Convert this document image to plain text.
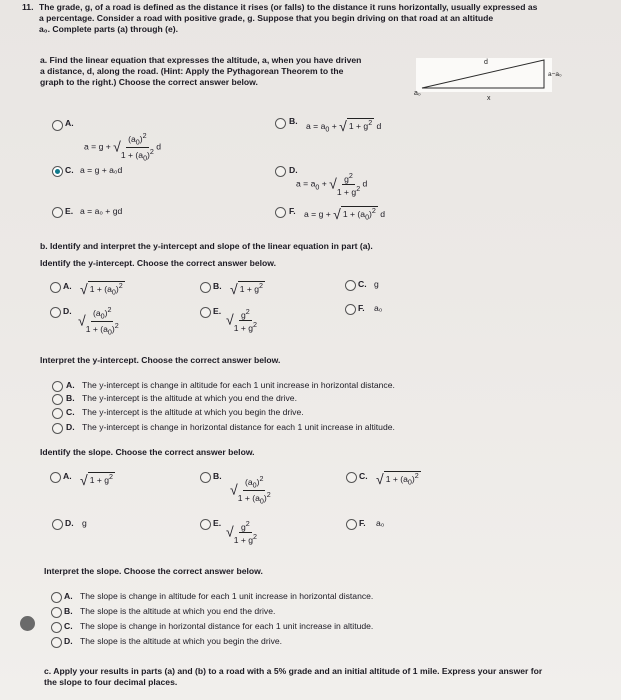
11. The grade, g, of a road is defined as the distance it rises (or falls) to the distance it runs horizontally, usually expressed as
a percentage. Consider a road with positive grade, g. Suppose that you begin driving on that road at an altitude
a₀. Complete parts (a) through (e).
a. Find the linear equation that expresses the altitude, a, when you have driven
a distance, d, along the road. (Hint: Apply the Pythagorean Theorem to the
graph to the right.) Choose the correct answer below.
d
x
a₀
a−a₀
A.
a = g + √ $\frac{(a_0)^2}{1 + (a_0)^2}$ d
B. $a = a_0$ + √ $1 + g^2$ d
C. a = g + a₀d	D.
$a = a_0$ + √ $\frac{g^2}{1 + g^2}$ d
E. a = a₀ + gd	F. a = g + √ $1 + (a_0)^2$ d
b. Identify and interpret the y-intercept and slope of the linear equation in part (a).
Identify the y-intercept. Choose the correct answer below.
A. √ $1 + (a_0)^2$	B. √ $1 + g^2$	C. g
D.
√ $\frac{(a_0)^2}{1 + (a_0)^2}$	E.
√ $\frac{g^2}{1 + g^2}$	F. a₀
Interpret the y-intercept. Choose the correct answer below.
A. The y-intercept is change in altitude for each 1 unit increase in horizontal distance.
B. The y-intercept is the altitude at which you end the drive.
C. The y-intercept is the altitude at which you begin the drive.
D. The y-intercept is change in horizontal distance for each 1 unit increase in altitude.
Identify the slope. Choose the correct answer below.
A. √ $1 + g^2$	B.
√ $\frac{(a_0)^2}{1 + (a_0)^2}$	C. √ $1 + (a_0)^2$
D. g	E.
√ $\frac{g^2}{1 + g^2}$	F. a₀
Interpret the slope. Choose the correct answer below.
A. The slope is change in altitude for each 1 unit increase in horizontal distance.
B. The slope is the altitude at which you end the drive.
C. The slope is change in horizontal distance for each 1 unit increase in altitude.
D. The slope is the altitude at which you begin the drive.
c. Apply your results in parts (a) and (b) to a road with a 5% grade and an initial altitude of 1 mile. Express your answer for
the slope to four decimal places.
